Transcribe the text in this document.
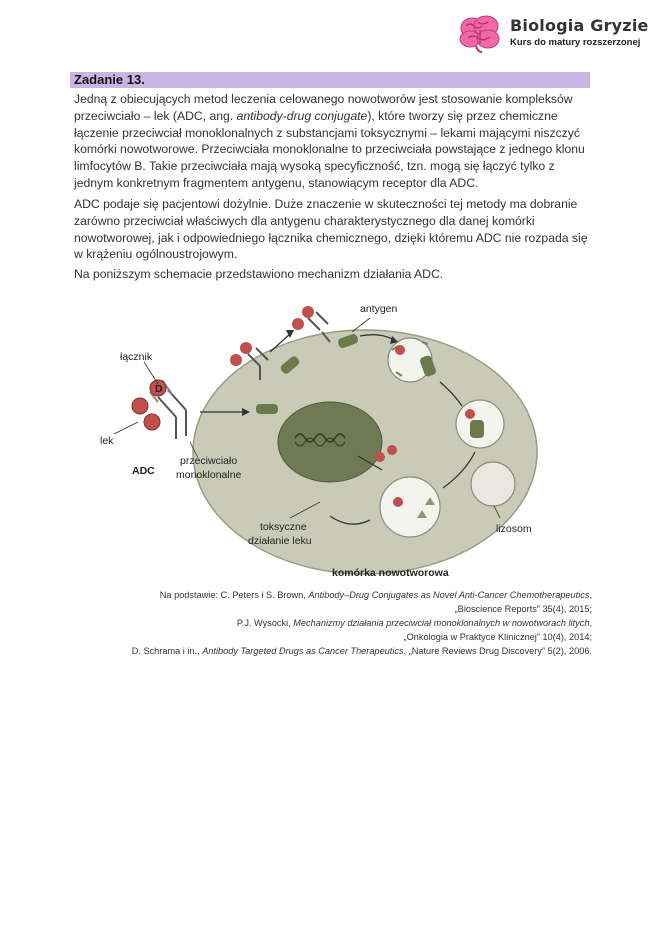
Biologia Gryzie
Kurs do matury rozszerzonej
Zadanie 13.

Jedną z obiecujących metod leczenia celowanego nowotworów jest stosowanie kompleksów przeciwciało – lek (ADC, ang. antibody-drug conjugate), które tworzy się przez chemiczne łączenie przeciwciał monoklonalnych z substancjami toksycznymi – lekami mającymi niszczyć komórki nowotworowe. Przeciwciała monoklonalne to przeciwciała powstające z jednego klonu limfocytów B. Takie przeciwciała mają wysoką specyficzność, tzn. mogą się łączyć tylko z jednym konkretnym fragmentem antygenu, stanowiącym receptor dla ADC.

ADC podaje się pacjentowi dożylnie. Duże znaczenie w skuteczności tej metody ma dobranie zarówno przeciwciał właściwych dla antygenu charakterystycznego dla danej komórki nowotworowej, jak i odpowiedniego łącznika chemicznego, dzięki któremu ADC nie rozpada się w krążeniu ogólnoustrojowym.

Na poniższym schemacie przedstawiono mechanizm działania ADC.

D
łącznik
lek
ADC
przeciwciało
monoklonalne
antygen
toksyczne
działanie leku
lizosom
komórka nowotworowa
Na podstawie: C. Peters i S. Brown, Antibody–Drug Conjugates as Novel Anti-Cancer Chemotherapeutics,
„Bioscience Reports” 35(4), 2015;
P.J. Wysocki, Mechanizmy działania przeciwciał monoklonalnych w nowotworach litych,
„Onkologia w Praktyce Klinicznej” 10(4), 2014;
D. Schrama i in., Antibody Targeted Drugs as Cancer Therapeutics, „Nature Reviews Drug Discovery” 5(2), 2006.
